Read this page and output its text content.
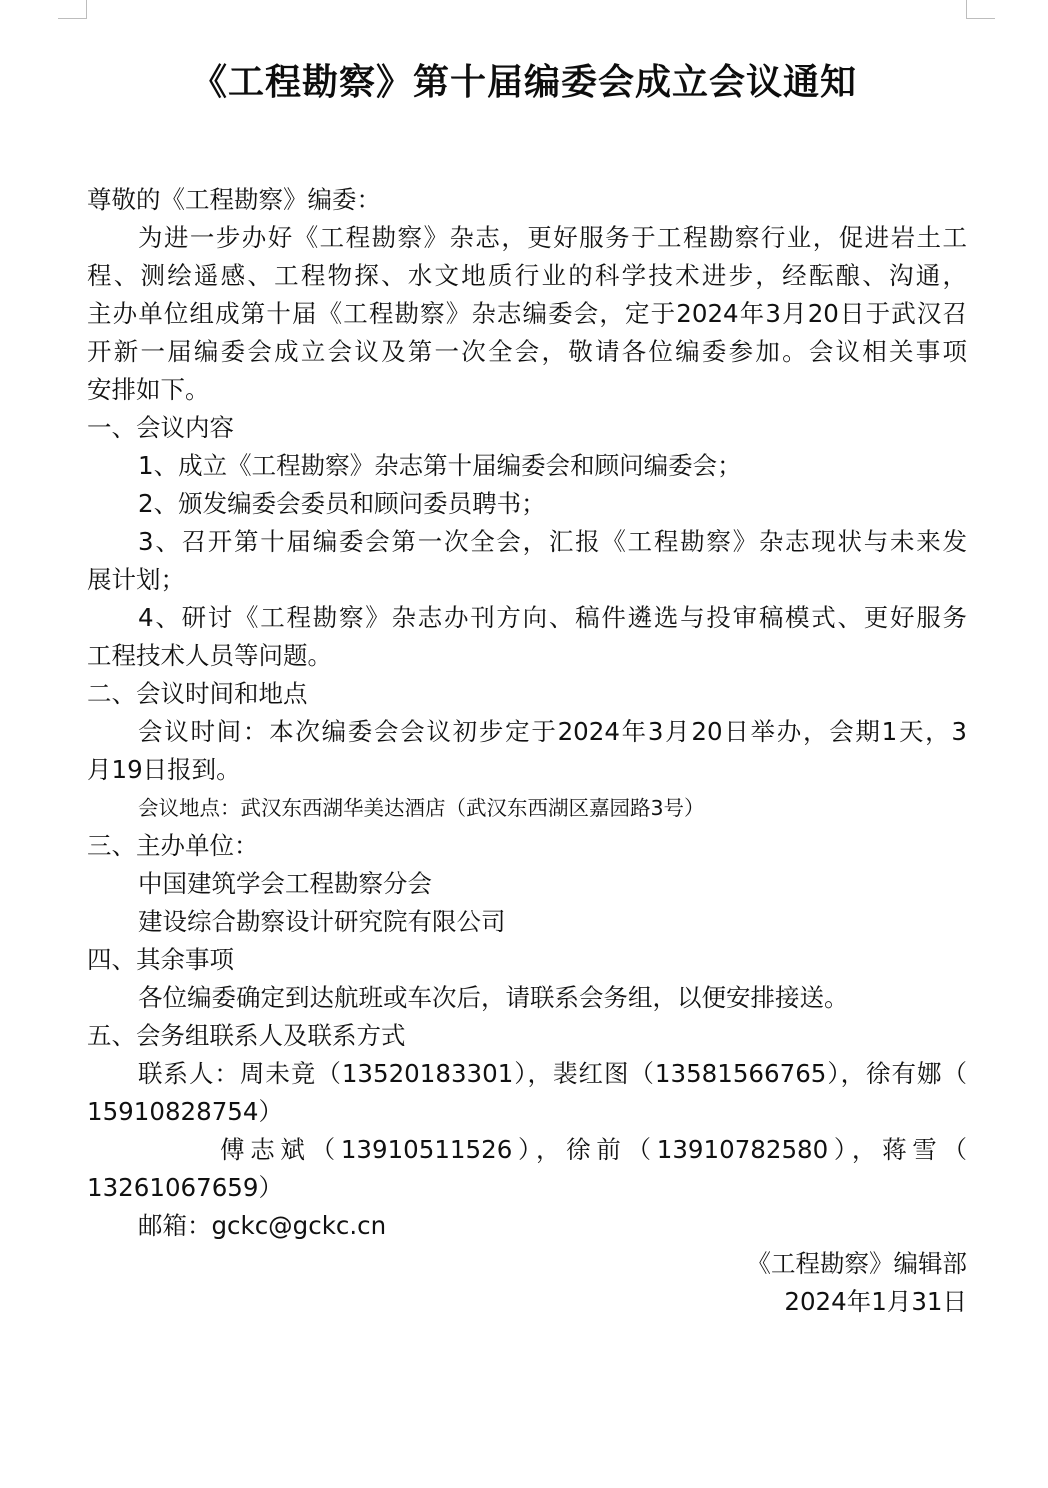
《工程勘察》第十届编委会成立会议通知
尊敬的《工程勘察》编委：
为进一步办好《工程勘察》杂志，更好服务于工程勘察行业，促进岩土工
程、测绘遥感、工程物探、水文地质行业的科学技术进步，经酝酿、沟通，
主办单位组成第十届《工程勘察》杂志编委会，定于2024年3月20日于武汉召
开新一届编委会成立会议及第一次全会，敬请各位编委参加。会议相关事项
安排如下。
一、会议内容
1、成立《工程勘察》杂志第十届编委会和顾问编委会；
2、颁发编委会委员和顾问委员聘书；
3、召开第十届编委会第一次全会，汇报《工程勘察》杂志现状与未来发
展计划；
4、研讨《工程勘察》杂志办刊方向、稿件遴选与投审稿模式、更好服务
工程技术人员等问题。
二、会议时间和地点
会议时间：本次编委会会议初步定于2024年3月20日举办，会期1天，3
月19日报到。
会议地点：武汉东西湖华美达酒店（武汉东西湖区嘉园路3号）
三、主办单位：
中国建筑学会工程勘察分会
建设综合勘察设计研究院有限公司
四、其余事项
各位编委确定到达航班或车次后，请联系会务组，以便安排接送。
五、会务组联系人及联系方式
联系人：周未竟（13520183301），裴红图（13581566765），徐有娜（
15910828754）
傅志斌（13910511526），徐前（13910782580），蒋雪（
13261067659）
邮箱：gckc@gckc.cn
《工程勘察》编辑部
2024年1月31日
